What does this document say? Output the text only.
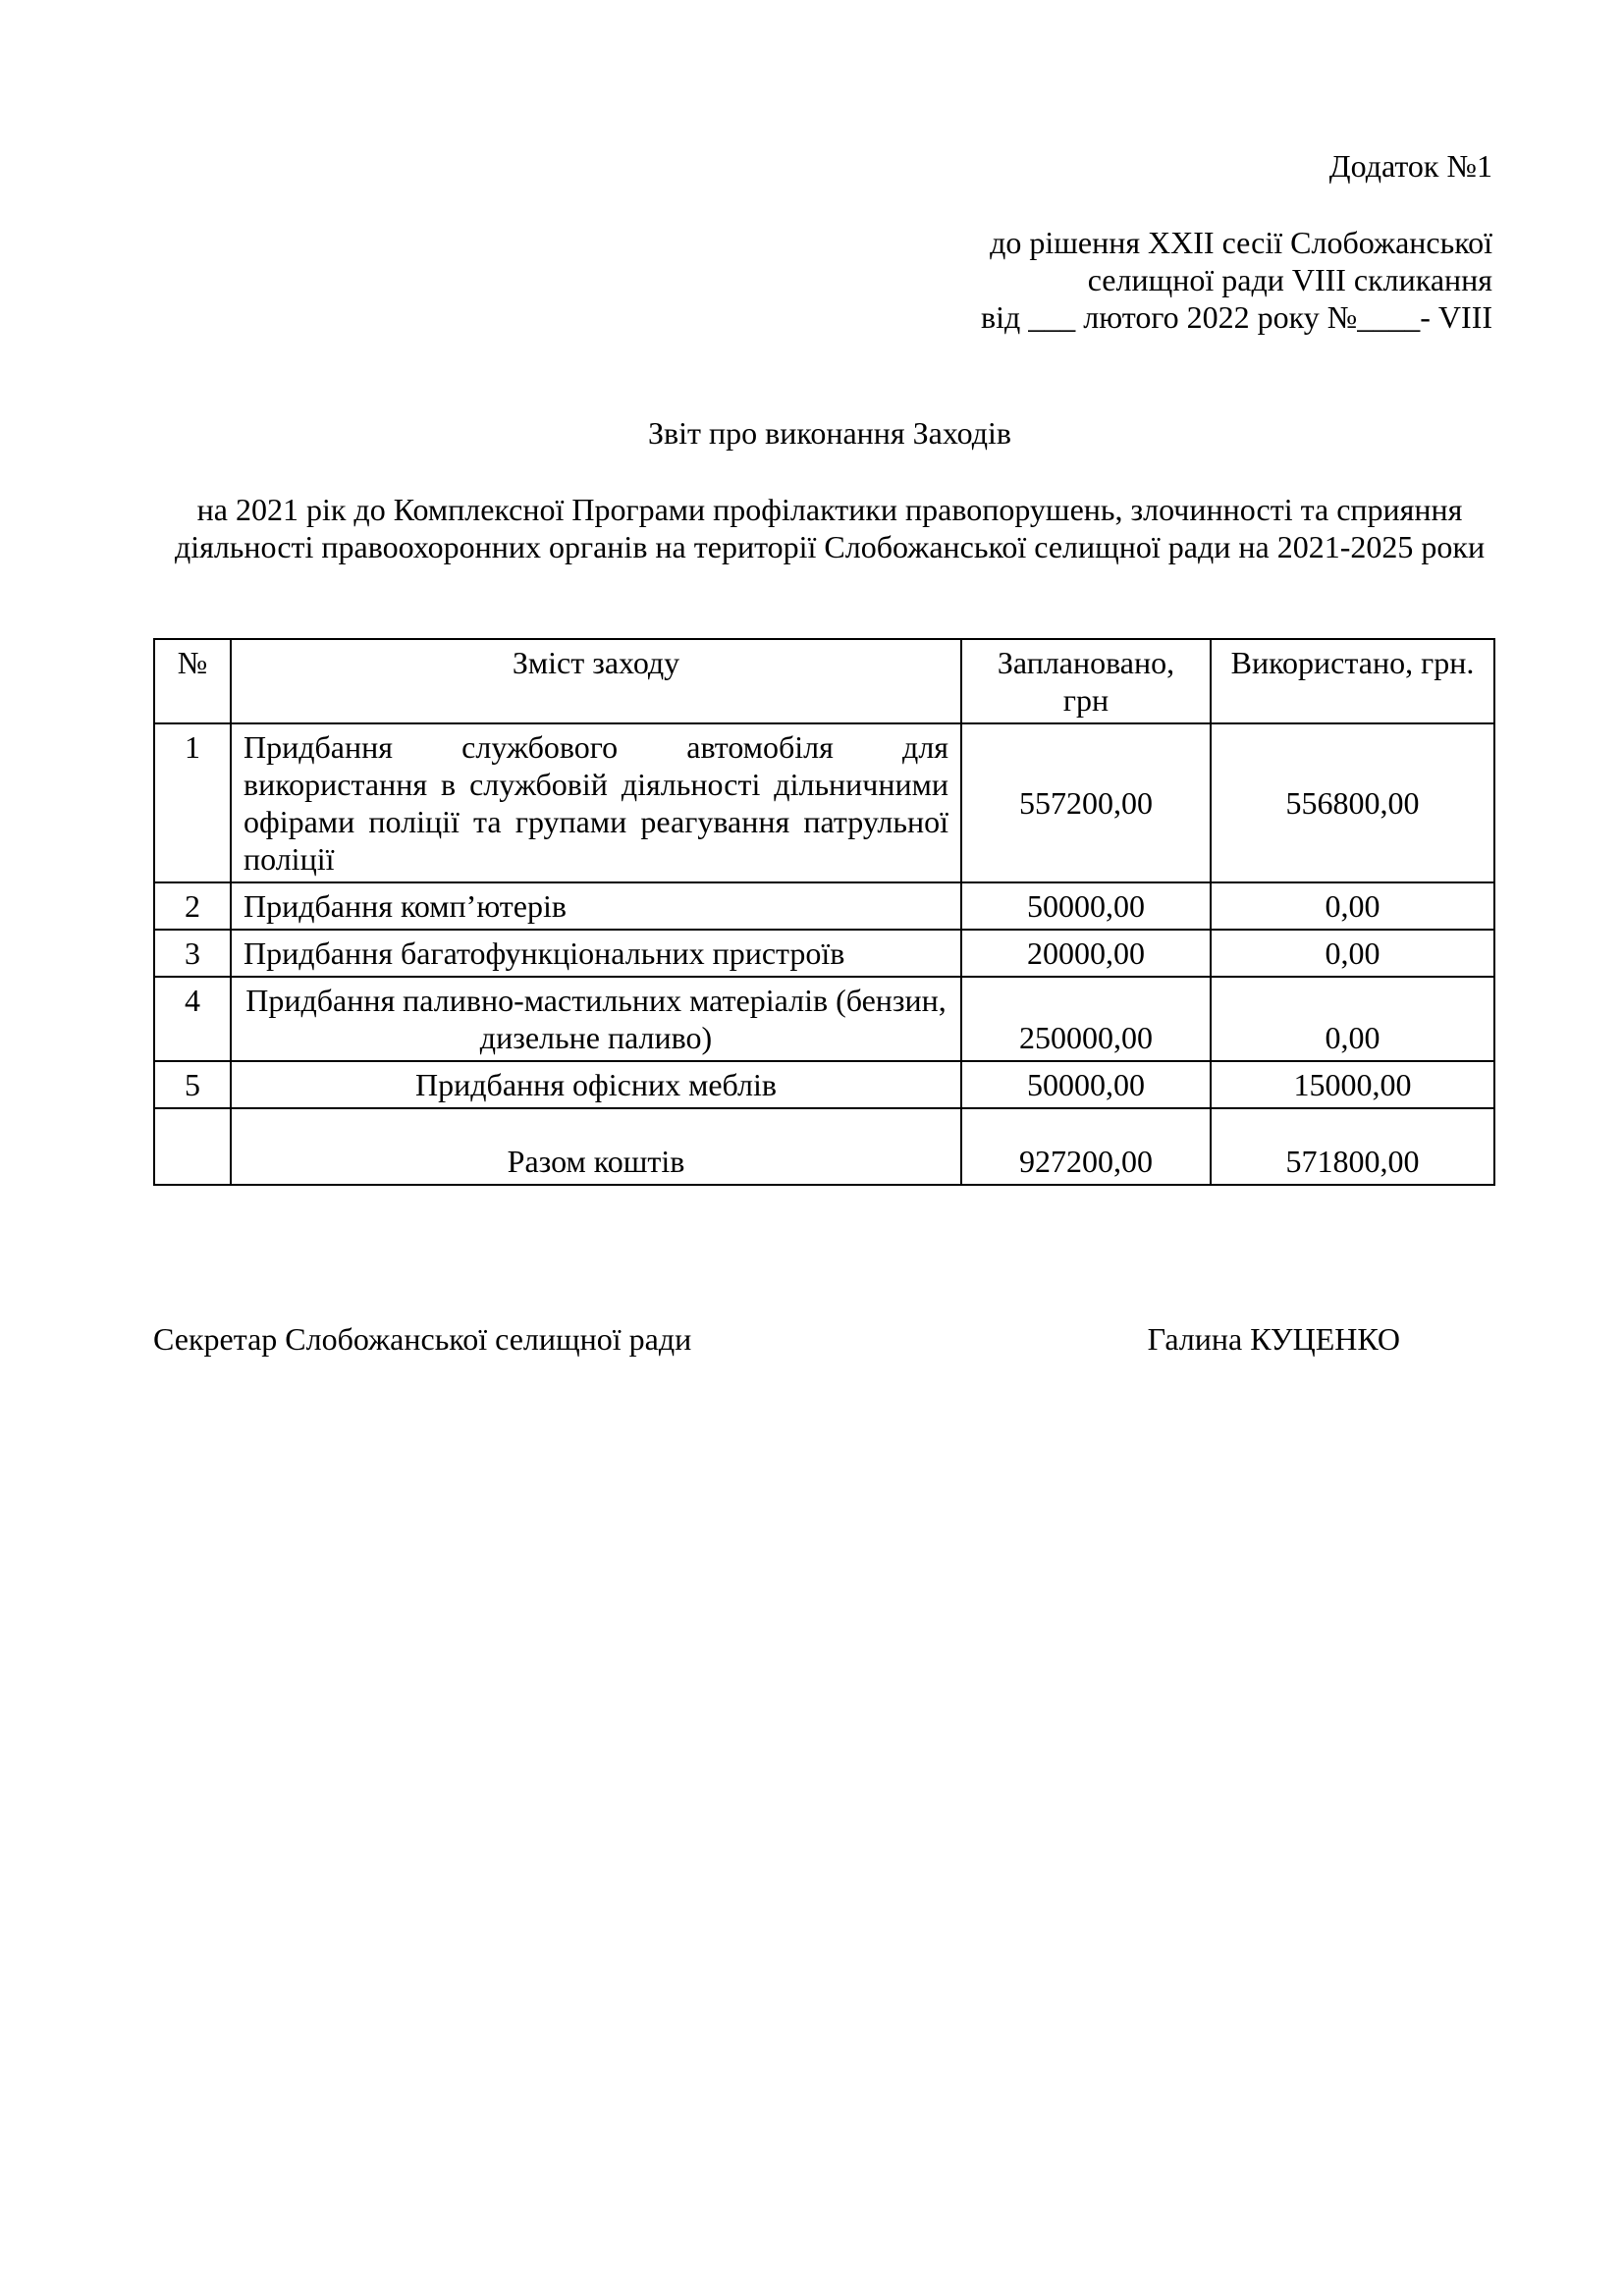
Додаток №1
до рішення XXII сесії Слобожанської
селищної ради VIII скликання
від ___ лютого 2022 року №____- VIII
Звіт про виконання Заходів
на 2021 рік до Комплексної Програми профілактики правопорушень, злочинності та сприяння діяльності правоохоронних органів на території Слобожанської селищної ради на 2021-2025 роки
№	Зміст заходу	Заплановано, грн	Використано, грн.
1	Придбання службового автомобіля для використання в службовій діяльності дільничними офірами поліції та групами реагування патрульної поліції	557200,00	556800,00
2	Придбання комп’ютерів	50000,00	0,00
3	Придбання багатофункціональних пристроїв	20000,00	0,00
4	Придбання паливно-мастильних матеріалів (бензин, дизельне паливо)	250000,00	0,00
5	Придбання офісних меблів	50000,00	15000,00
	Разом коштів	927200,00	571800,00
Секретар Слобожанської селищної ради	Галина КУЦЕНКО
